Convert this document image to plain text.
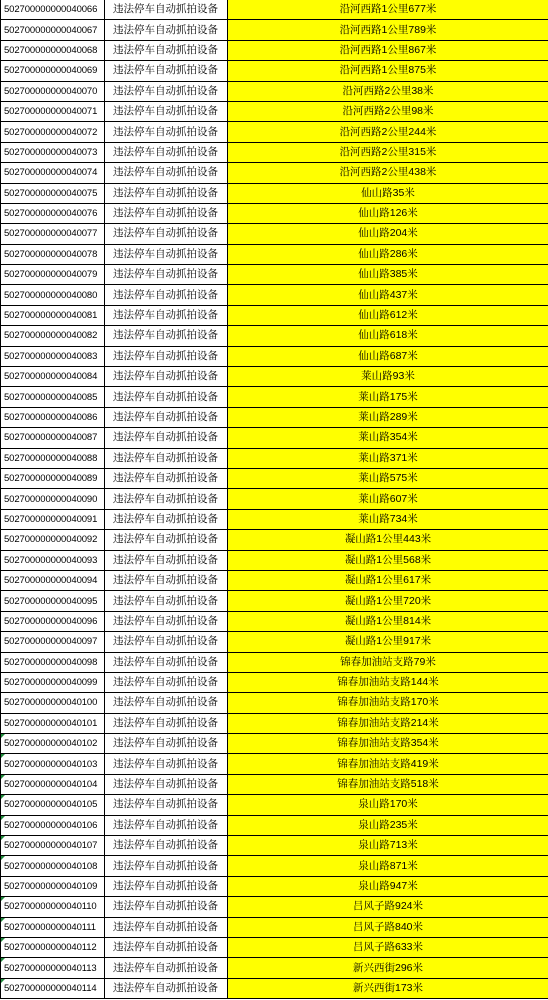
502700000000040066	违法停车自动抓拍设备	沿河西路1公里677米
502700000000040067	违法停车自动抓拍设备	沿河西路1公里789米
502700000000040068	违法停车自动抓拍设备	沿河西路1公里867米
502700000000040069	违法停车自动抓拍设备	沿河西路1公里875米
502700000000040070	违法停车自动抓拍设备	沿河西路2公里38米
502700000000040071	违法停车自动抓拍设备	沿河西路2公里98米
502700000000040072	违法停车自动抓拍设备	沿河西路2公里244米
502700000000040073	违法停车自动抓拍设备	沿河西路2公里315米
502700000000040074	违法停车自动抓拍设备	沿河西路2公里438米
502700000000040075	违法停车自动抓拍设备	仙山路35米
502700000000040076	违法停车自动抓拍设备	仙山路126米
502700000000040077	违法停车自动抓拍设备	仙山路204米
502700000000040078	违法停车自动抓拍设备	仙山路286米
502700000000040079	违法停车自动抓拍设备	仙山路385米
502700000000040080	违法停车自动抓拍设备	仙山路437米
502700000000040081	违法停车自动抓拍设备	仙山路612米
502700000000040082	违法停车自动抓拍设备	仙山路618米
502700000000040083	违法停车自动抓拍设备	仙山路687米
502700000000040084	违法停车自动抓拍设备	莱山路93米
502700000000040085	违法停车自动抓拍设备	莱山路175米
502700000000040086	违法停车自动抓拍设备	莱山路289米
502700000000040087	违法停车自动抓拍设备	莱山路354米
502700000000040088	违法停车自动抓拍设备	莱山路371米
502700000000040089	违法停车自动抓拍设备	莱山路575米
502700000000040090	违法停车自动抓拍设备	莱山路607米
502700000000040091	违法停车自动抓拍设备	莱山路734米
502700000000040092	违法停车自动抓拍设备	凝山路1公里443米
502700000000040093	违法停车自动抓拍设备	凝山路1公里568米
502700000000040094	违法停车自动抓拍设备	凝山路1公里617米
502700000000040095	违法停车自动抓拍设备	凝山路1公里720米
502700000000040096	违法停车自动抓拍设备	凝山路1公里814米
502700000000040097	违法停车自动抓拍设备	凝山路1公里917米
502700000000040098	违法停车自动抓拍设备	锦春加油站支路79米
502700000000040099	违法停车自动抓拍设备	锦春加油站支路144米
502700000000040100	违法停车自动抓拍设备	锦春加油站支路170米
502700000000040101	违法停车自动抓拍设备	锦春加油站支路214米
502700000000040102	违法停车自动抓拍设备	锦春加油站支路354米
502700000000040103	违法停车自动抓拍设备	锦春加油站支路419米
502700000000040104	违法停车自动抓拍设备	锦春加油站支路518米
502700000000040105	违法停车自动抓拍设备	泉山路170米
502700000000040106	违法停车自动抓拍设备	泉山路235米
502700000000040107	违法停车自动抓拍设备	泉山路713米
502700000000040108	违法停车自动抓拍设备	泉山路871米
502700000000040109	违法停车自动抓拍设备	泉山路947米
502700000000040110	违法停车自动抓拍设备	吕风子路924米
502700000000040111	违法停车自动抓拍设备	吕风子路840米
502700000000040112	违法停车自动抓拍设备	吕风子路633米
502700000000040113	违法停车自动抓拍设备	新兴西街296米
502700000000040114	违法停车自动抓拍设备	新兴西街173米
